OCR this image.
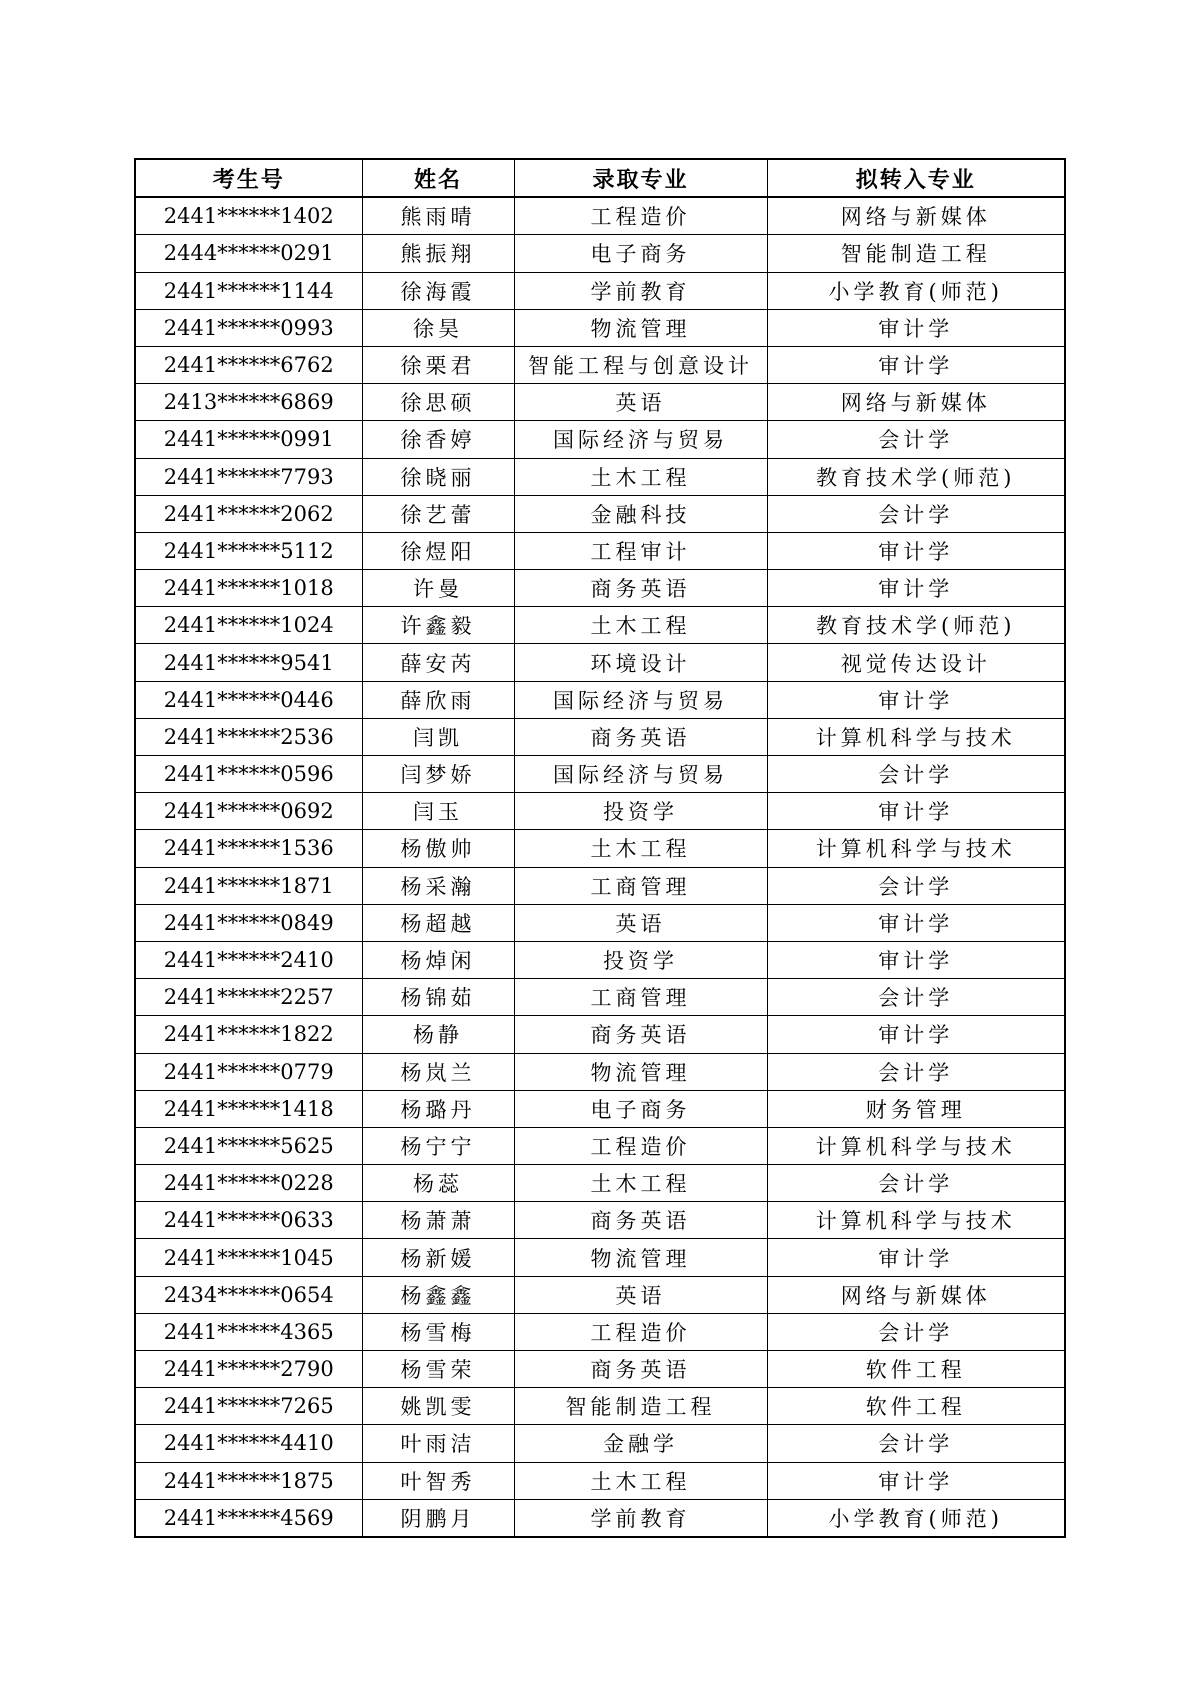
考生号	姓名	录取专业	拟转入专业
2441******1402	熊雨晴	工程造价	网络与新媒体
2444******0291	熊振翔	电子商务	智能制造工程
2441******1144	徐海霞	学前教育	小学教育(师范)
2441******0993	徐昊	物流管理	审计学
2441******6762	徐栗君	智能工程与创意设计	审计学
2413******6869	徐思硕	英语	网络与新媒体
2441******0991	徐香婷	国际经济与贸易	会计学
2441******7793	徐晓丽	土木工程	教育技术学(师范)
2441******2062	徐艺蕾	金融科技	会计学
2441******5112	徐煜阳	工程审计	审计学
2441******1018	许曼	商务英语	审计学
2441******1024	许鑫毅	土木工程	教育技术学(师范)
2441******9541	薛安芮	环境设计	视觉传达设计
2441******0446	薛欣雨	国际经济与贸易	审计学
2441******2536	闫凯	商务英语	计算机科学与技术
2441******0596	闫梦娇	国际经济与贸易	会计学
2441******0692	闫玉	投资学	审计学
2441******1536	杨傲帅	土木工程	计算机科学与技术
2441******1871	杨采瀚	工商管理	会计学
2441******0849	杨超越	英语	审计学
2441******2410	杨焯闲	投资学	审计学
2441******2257	杨锦茹	工商管理	会计学
2441******1822	杨静	商务英语	审计学
2441******0779	杨岚兰	物流管理	会计学
2441******1418	杨璐丹	电子商务	财务管理
2441******5625	杨宁宁	工程造价	计算机科学与技术
2441******0228	杨蕊	土木工程	会计学
2441******0633	杨萧萧	商务英语	计算机科学与技术
2441******1045	杨新媛	物流管理	审计学
2434******0654	杨鑫鑫	英语	网络与新媒体
2441******4365	杨雪梅	工程造价	会计学
2441******2790	杨雪荣	商务英语	软件工程
2441******7265	姚凯雯	智能制造工程	软件工程
2441******4410	叶雨洁	金融学	会计学
2441******1875	叶智秀	土木工程	审计学
2441******4569	阴鹏月	学前教育	小学教育(师范)
